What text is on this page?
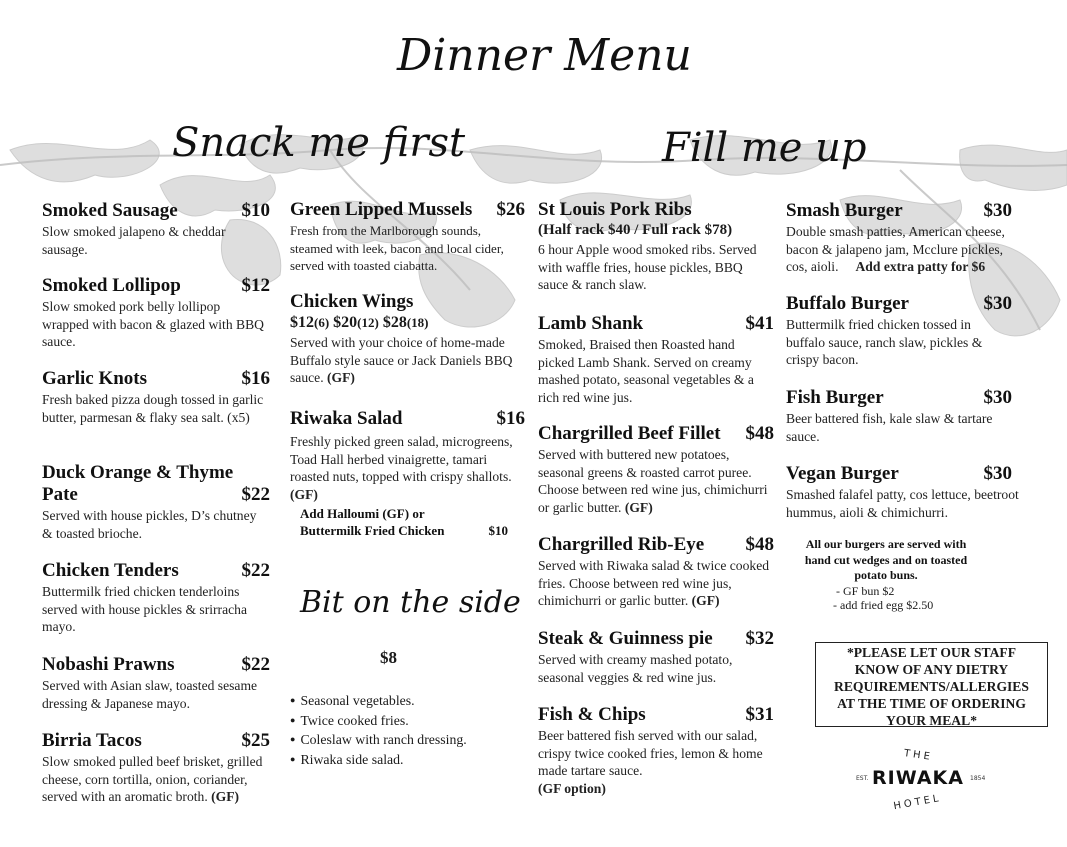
Dinner Menu
Snack me first	Fill me up
Bit on the side
Smoked Sausage	$10
Slow smoked jalapeno & cheddar sausage.
Smoked Lollipop	$12
Slow smoked pork belly lollipop wrapped with bacon & glazed with BBQ sauce.
Garlic Knots	$16
Fresh baked pizza dough tossed in garlic butter, parmesan & flaky sea salt. (x5)
Duck Orange & Thyme
Pate	$22
Served with house pickles, D’s chutney & toasted brioche.
Chicken Tenders	$22
Buttermilk fried chicken tenderloins served with house pickles & srirracha mayo.
Nobashi Prawns	$22
Served with Asian slaw, toasted sesame dressing & Japanese mayo.
Birria Tacos	$25
Slow smoked pulled beef brisket, grilled cheese, corn tortilla, onion, coriander, served with an aromatic broth. (GF)
Green Lipped Mussels $26
Fresh from the Marlborough sounds, steamed with leek, bacon and local cider, served with toasted ciabatta.
Chicken Wings
$12(6) $20(12) $28(18)
Served with your choice of home-made Buffalo style sauce or Jack Daniels BBQ sauce. (GF)
Riwaka Salad	$16
Freshly picked green salad, microgreens, Toad Hall herbed vinaigrette, tamari roasted nuts, topped with crispy shallots. (GF)
Add Halloumi (GF) or
Buttermilk Fried Chicken	$10
$8
● Seasonal vegetables.
● Twice cooked fries.
● Coleslaw with ranch dressing.
● Riwaka side salad.
St Louis Pork Ribs
(Half rack $40 / Full rack $78)
6 hour Apple wood smoked ribs. Served with waffle fries, house pickles, BBQ sauce & ranch slaw.
Lamb Shank	$41
Smoked, Braised then Roasted hand picked Lamb Shank. Served on creamy mashed potato, seasonal vegetables & a rich red wine jus.
Chargrilled Beef Fillet $48
Served with buttered new potatoes, seasonal greens & roasted carrot puree. Choose between red wine jus, chimichurri or garlic butter. (GF)
Chargrilled Rib-Eye $48
Served with Riwaka salad & twice cooked fries. Choose between red wine jus, chimichurri or garlic butter. (GF)
Steak & Guinness pie $32
Served with creamy mashed potato, seasonal veggies & red wine jus.
Fish & Chips	$31
Beer battered fish served with our salad, crispy twice cooked fries, lemon & home made tartare sauce.
(GF option)
Smash Burger	$30
Double smash patties, American cheese, bacon & jalapeno jam, Mcclure pickles, cos, aioli. Add extra patty for $6
Buffalo Burger	$30
Buttermilk fried chicken tossed in buffalo sauce, ranch slaw, pickles & crispy bacon.
Fish Burger	$30
Beer battered fish, kale slaw & tartare sauce.
Vegan Burger	$30
Smashed falafel patty, cos lettuce, beetroot hummus, aioli & chimichurri.
All our burgers are served with
hand cut wedges and on toasted
potato buns.
- GF bun $2
- add fried egg $2.50
*PLEASE LET OUR STAFF
KNOW OF ANY DIETRY
REQUIREMENTS/ALLERGIES
AT THE TIME OF ORDERING
YOUR MEAL*
THE
RIWAKA
EST.	1854
HOTEL
